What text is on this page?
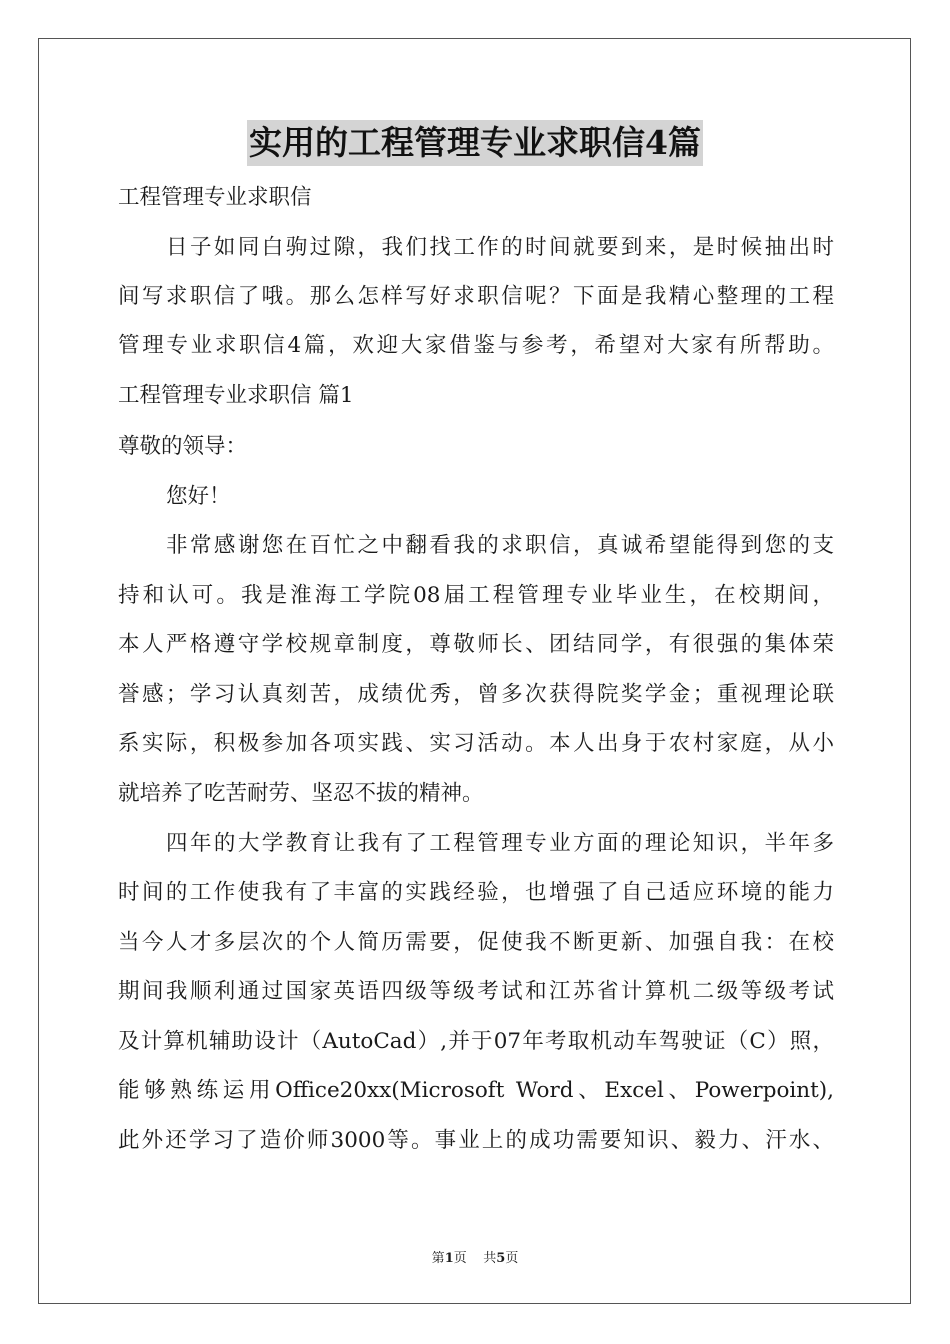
实用的工程管理专业求职信4篇
工程管理专业求职信
日子如同白驹过隙，我们找工作的时间就要到来，是时候抽出时
间写求职信了哦。那么怎样写好求职信呢？下面是我精心整理的工程
管理专业求职信4篇，欢迎大家借鉴与参考，希望对大家有所帮助。
工程管理专业求职信 篇1
尊敬的领导：
您好！
非常感谢您在百忙之中翻看我的求职信，真诚希望能得到您的支
持和认可。我是淮海工学院08届工程管理专业毕业生，在校期间，
本人严格遵守学校规章制度，尊敬师长、团结同学，有很强的集体荣
誉感；学习认真刻苦，成绩优秀，曾多次获得院奖学金；重视理论联
系实际，积极参加各项实践、实习活动。本人出身于农村家庭，从小
就培养了吃苦耐劳、坚忍不拔的精神。
四年的大学教育让我有了工程管理专业方面的理论知识，半年多
时间的工作使我有了丰富的实践经验，也增强了自己适应环境的能力
当今人才多层次的个人简历需要，促使我不断更新、加强自我：在校
期间我顺利通过国家英语四级等级考试和江苏省计算机二级等级考试
及计算机辅助设计（AutoCad）,并于07年考取机动车驾驶证（C）照，
能够熟练运用Office20xx(Microsoft Word、Excel、Powerpoint),
此外还学习了造价师3000等。事业上的成功需要知识、毅力、汗水、
第1页    共5页
